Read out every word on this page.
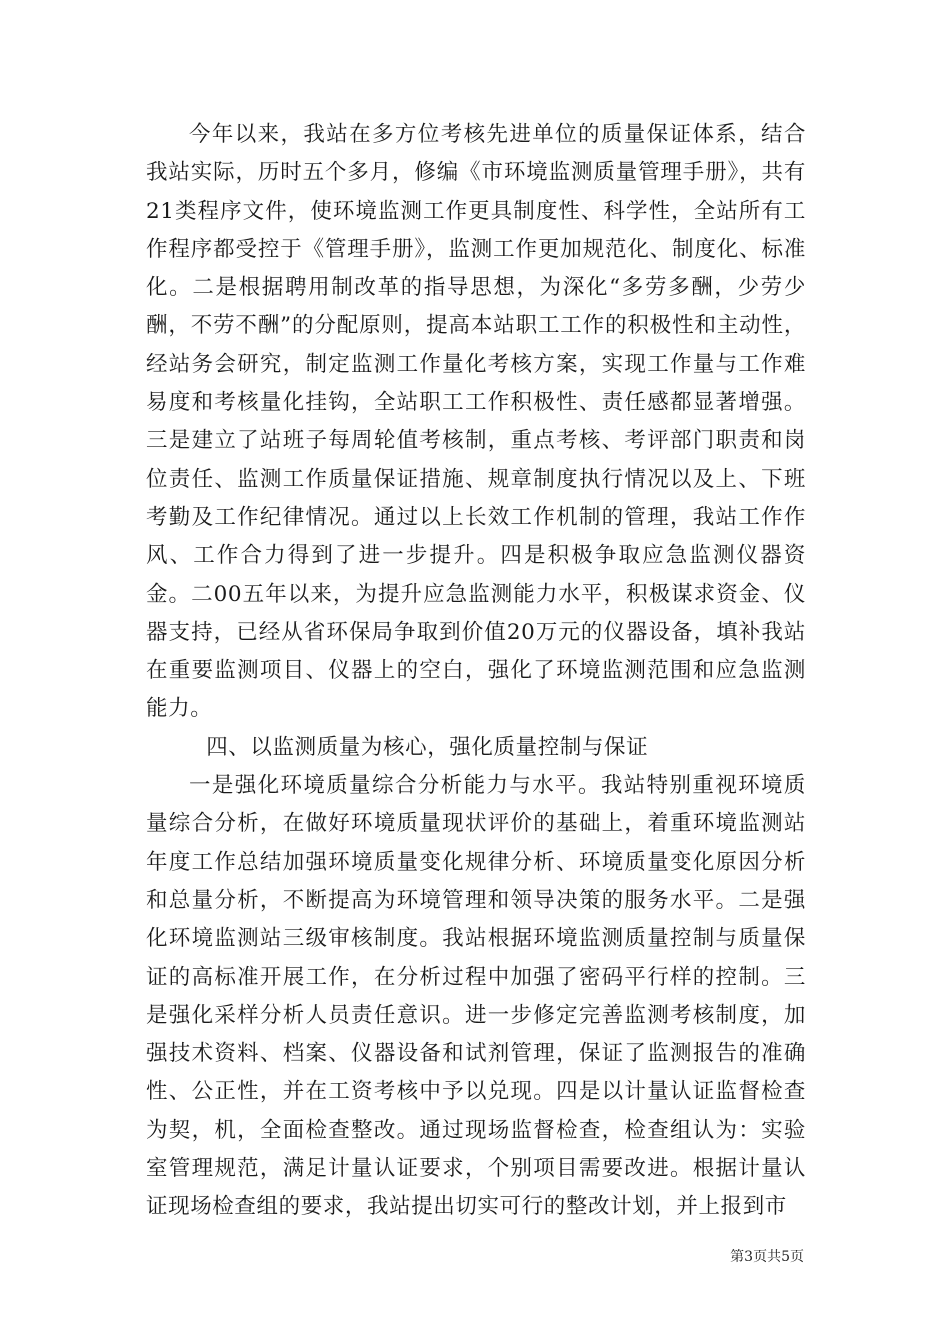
今年以来，我站在多方位考核先进单位的质量保证体系，结合我站实际，历时五个多月，修编《市环境监测质量管理手册》，共有21类程序文件，使环境监测工作更具制度性、科学性，全站所有工作程序都受控于《管理手册》，监测工作更加规范化、制度化、标准化。二是根据聘用制改革的指导思想，为深化“多劳多酬，少劳少酬，不劳不酬”的分配原则，提高本站职工工作的积极性和主动性，经站务会研究，制定监测工作量化考核方案，实现工作量与工作难易度和考核量化挂钩，全站职工工作积极性、责任感都显著增强。三是建立了站班子每周轮值考核制，重点考核、考评部门职责和岗位责任、监测工作质量保证措施、规章制度执行情况以及上、下班考勤及工作纪律情况。通过以上长效工作机制的管理，我站工作作风、工作合力得到了进一步提升。四是积极争取应急监测仪器资金。二00五年以来，为提升应急监测能力水平，积极谋求资金、仪器支持，已经从省环保局争取到价值20万元的仪器设备，填补我站在重要监测项目、仪器上的空白，强化了环境监测范围和应急监测能力。

四、以监测质量为核心，强化质量控制与保证

一是强化环境质量综合分析能力与水平。我站特别重视环境质量综合分析，在做好环境质量现状评价的基础上，着重环境监测站年度工作总结加强环境质量变化规律分析、环境质量变化原因分析和总量分析，不断提高为环境管理和领导决策的服务水平。二是强化环境监测站三级审核制度。我站根据环境监测质量控制与质量保证的高标准开展工作，在分析过程中加强了密码平行样的控制。三是强化采样分析人员责任意识。进一步修定完善监测考核制度，加强技术资料、档案、仪器设备和试剂管理，保证了监测报告的准确性、公正性，并在工资考核中予以兑现。四是以计量认证监督检查为契，机，全面检查整改。通过现场监督检查，检查组认为：实验室管理规范，满足计量认证要求，个别项目需要改进。根据计量认证现场检查组的要求，我站提出切实可行的整改计划，并上报到市

第3页共5页
